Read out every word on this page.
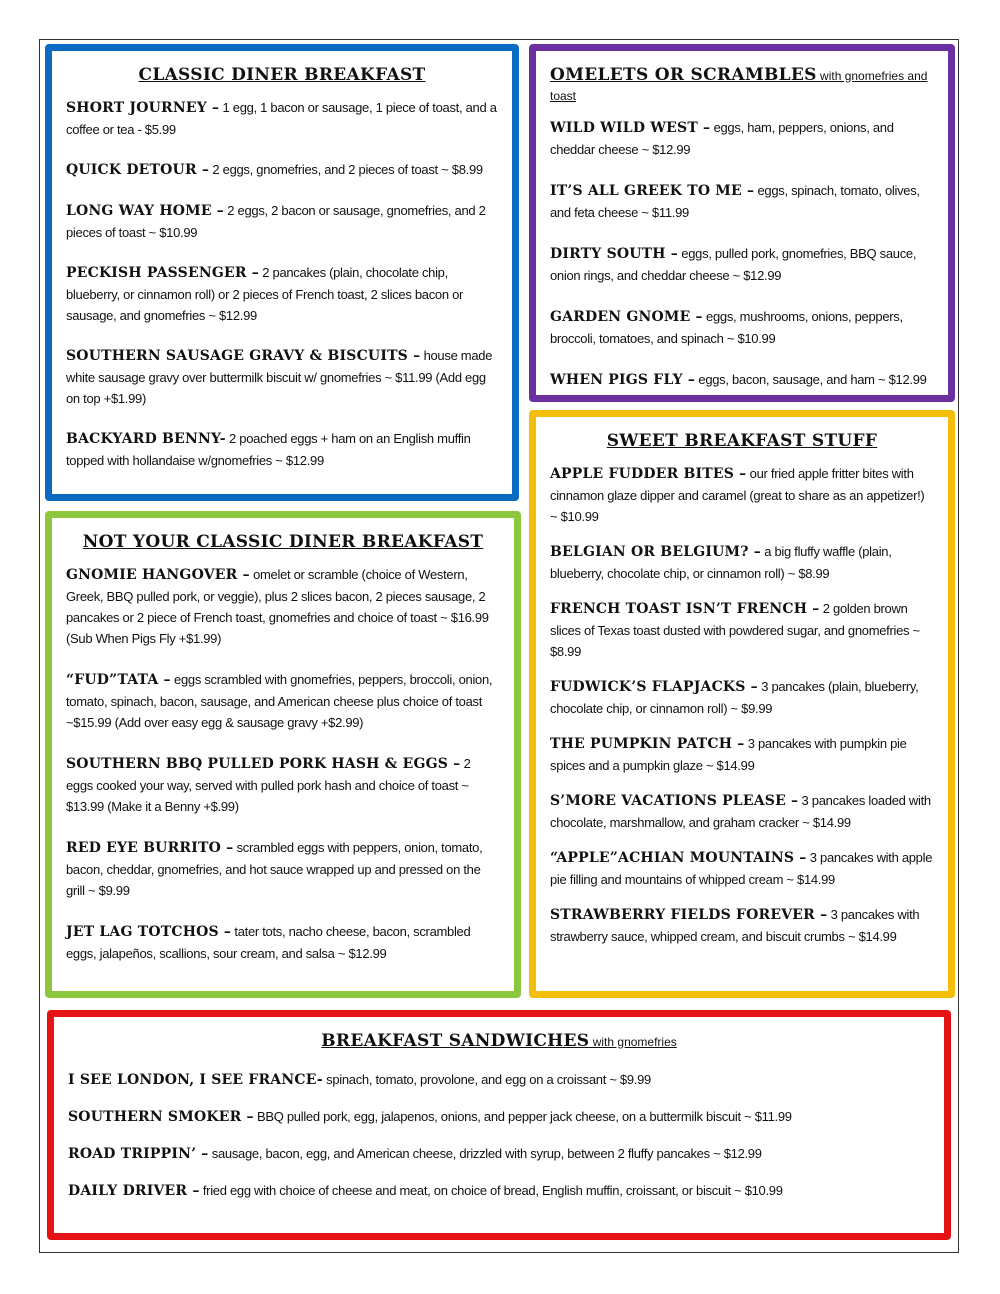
CLASSIC DINER BREAKFAST
SHORT JOURNEY – 1 egg, 1 bacon or sausage, 1 piece of toast, and a coffee or tea - $5.99
QUICK DETOUR – 2 eggs, gnomefries, and 2 pieces of toast ~ $8.99
LONG WAY HOME – 2 eggs, 2 bacon or sausage, gnomefries, and 2 pieces of toast ~ $10.99
PECKISH PASSENGER – 2 pancakes (plain, chocolate chip, blueberry, or cinnamon roll) or 2 pieces of French toast, 2 slices bacon or sausage, and gnomefries ~ $12.99
SOUTHERN SAUSAGE GRAVY & BISCUITS – house made white sausage gravy over buttermilk biscuit w/ gnomefries ~ $11.99 (Add egg on top +$1.99)
BACKYARD BENNY- 2 poached eggs + ham on an English muffin topped with hollandaise w/gnomefries ~ $12.99
OMELETS OR SCRAMBLES with gnomefries and toast
WILD WILD WEST – eggs, ham, peppers, onions, and cheddar cheese ~ $12.99
IT’S ALL GREEK TO ME – eggs, spinach, tomato, olives, and feta cheese ~ $11.99
DIRTY SOUTH – eggs, pulled pork, gnomefries, BBQ sauce, onion rings, and cheddar cheese ~ $12.99
GARDEN GNOME – eggs, mushrooms, onions, peppers, broccoli, tomatoes, and spinach ~ $10.99
WHEN PIGS FLY – eggs, bacon, sausage, and ham ~ $12.99
SWEET BREAKFAST STUFF
APPLE FUDDER BITES – our fried apple fritter bites with cinnamon glaze dipper and caramel (great to share as an appetizer!) ~ $10.99
BELGIAN OR BELGIUM? – a big fluffy waffle (plain, blueberry, chocolate chip, or cinnamon roll) ~ $8.99
FRENCH TOAST ISN’T FRENCH – 2 golden brown slices of Texas toast dusted with powdered sugar, and gnomefries ~ $8.99
FUDWICK’S FLAPJACKS – 3 pancakes (plain, blueberry, chocolate chip, or cinnamon roll) ~ $9.99
THE PUMPKIN PATCH – 3 pancakes with pumpkin pie spices and a pumpkin glaze ~ $14.99
S’MORE VACATIONS PLEASE – 3 pancakes loaded with chocolate, marshmallow, and graham cracker ~ $14.99
“APPLE”ACHIAN MOUNTAINS – 3 pancakes with apple pie filling and mountains of whipped cream ~ $14.99
STRAWBERRY FIELDS FOREVER – 3 pancakes with strawberry sauce, whipped cream, and biscuit crumbs ~ $14.99
NOT YOUR CLASSIC DINER BREAKFAST
GNOMIE HANGOVER – omelet or scramble (choice of Western, Greek, BBQ pulled pork, or veggie), plus 2 slices bacon, 2 pieces sausage, 2 pancakes or 2 piece of French toast, gnomefries and choice of toast ~ $16.99 (Sub When Pigs Fly +$1.99)
“FUD”TATA – eggs scrambled with gnomefries, peppers, broccoli, onion, tomato, spinach, bacon, sausage, and American cheese plus choice of toast ~$15.99 (Add over easy egg & sausage gravy +$2.99)
SOUTHERN BBQ PULLED PORK HASH & EGGS – 2 eggs cooked your way, served with pulled pork hash and choice of toast ~ $13.99 (Make it a Benny +$.99)
RED EYE BURRITO – scrambled eggs with peppers, onion, tomato, bacon, cheddar, gnomefries, and hot sauce wrapped up and pressed on the grill ~ $9.99
JET LAG TOTCHOS – tater tots, nacho cheese, bacon, scrambled eggs, jalapeños, scallions, sour cream, and salsa ~ $12.99
BREAKFAST SANDWICHES with gnomefries
I SEE LONDON, I SEE FRANCE- spinach, tomato, provolone, and egg on a croissant ~ $9.99
SOUTHERN SMOKER – BBQ pulled pork, egg, jalapenos, onions, and pepper jack cheese, on a buttermilk biscuit ~ $11.99
ROAD TRIPPIN’ – sausage, bacon, egg, and American cheese, drizzled with syrup, between 2 fluffy pancakes ~ $12.99
DAILY DRIVER – fried egg with choice of cheese and meat, on choice of bread, English muffin, croissant, or biscuit ~ $10.99
